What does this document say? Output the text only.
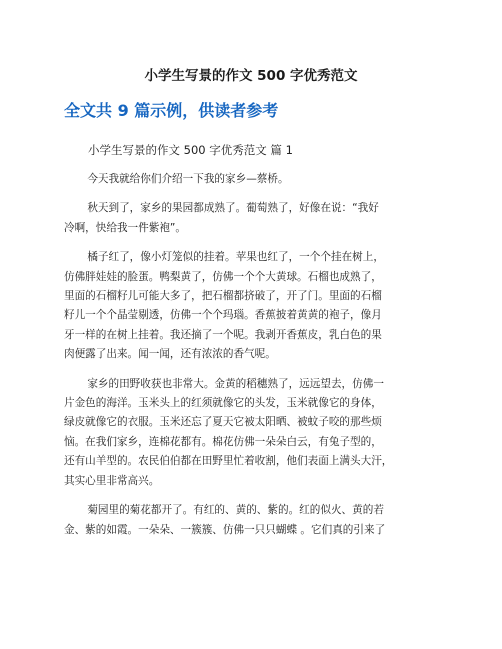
小学生写景的作文 500 字优秀范文
全文共 9 篇示例，供读者参考
小学生写景的作文 500 字优秀范文 篇 1

今天我就给你们介绍一下我的家乡—蔡桥。

秋天到了，家乡的果园都成熟了。葡萄熟了，好像在说：“我好
冷啊，快给我一件紫袍”。

橘子红了，像小灯笼似的挂着。苹果也红了，一个个挂在树上，
仿佛胖娃娃的脸蛋。鸭梨黄了，仿佛一个个大黄球。石榴也成熟了，
里面的石榴籽儿可能大多了，把石榴都挤破了，开了门。里面的石榴
籽儿一个个晶莹剔透，仿佛一个个玛瑙。香蕉披着黄黄的袍子，像月
牙一样的在树上挂着。我还摘了一个呢。我剥开香蕉皮，乳白色的果
肉便露了出来。闻一闻，还有浓浓的香气呢。

家乡的田野收获也非常大。金黄的稻穗熟了，远远望去，仿佛一
片金色的海洋。玉米头上的红须就像它的头发，玉米就像它的身体，
绿皮就像它的衣服。玉米还忘了夏天它被太阳晒、被蚊子咬的那些烦
恼。在我们家乡，连棉花都有。棉花仿佛一朵朵白云，有兔子型的，
还有山羊型的。农民伯伯都在田野里忙着收割，他们表面上满头大汗，
其实心里非常高兴。

菊园里的菊花都开了。有红的、黄的、紫的。红的似火、黄的若
金、紫的如霞。一朵朵、一簇簇、仿佛一只只蝴蝶 。它们真的引来了
